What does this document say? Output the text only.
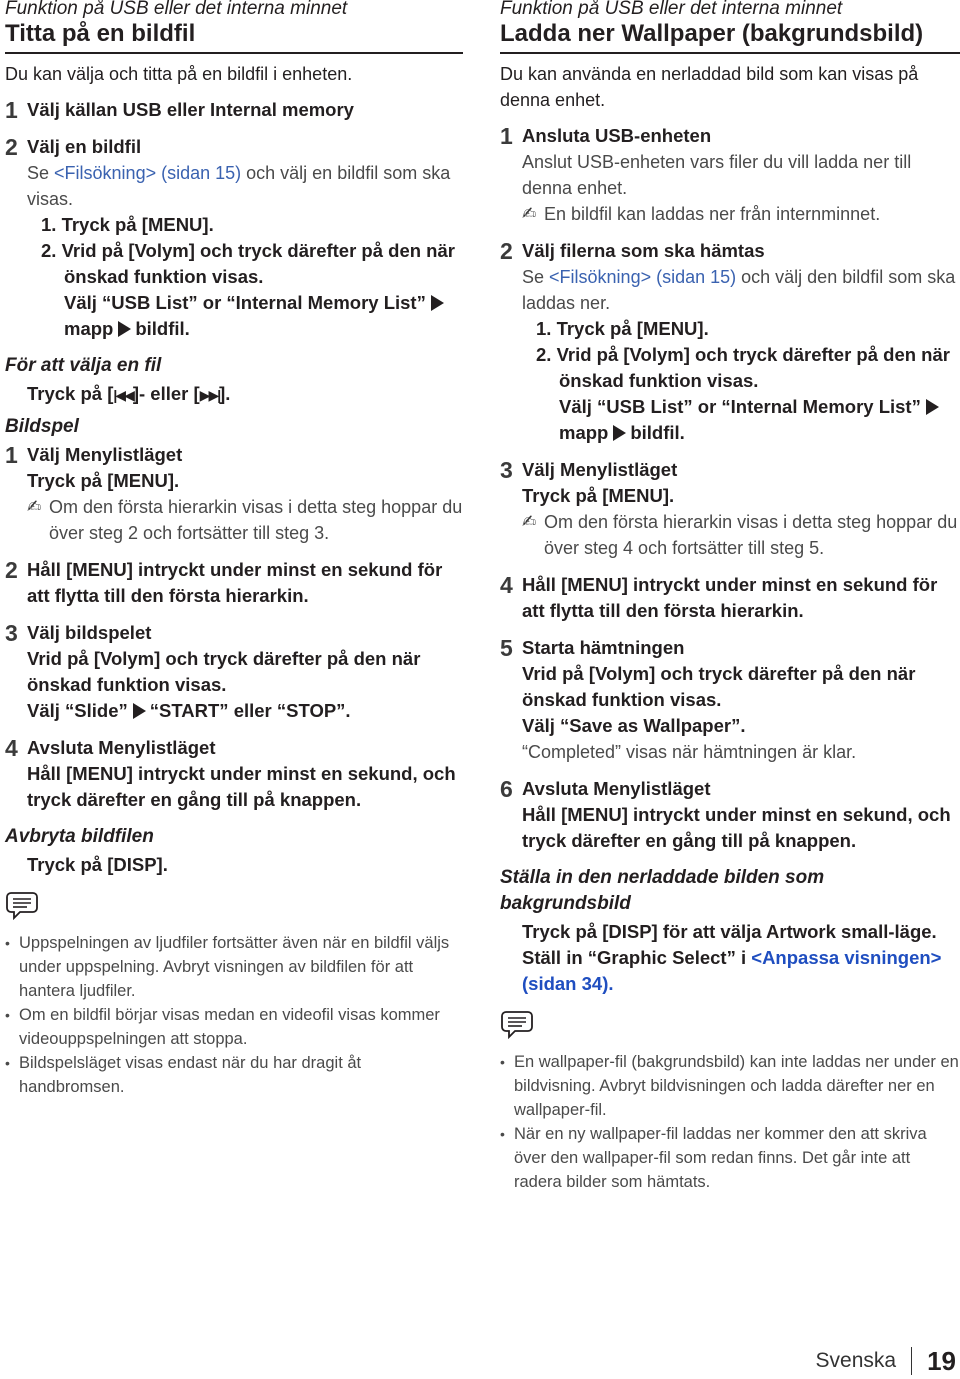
Funktion på USB eller det interna minnet
Titta på en bildfil
Du kan välja och titta på en bildfil i enheten.
1 Välj källan USB eller Internal memory
2 Välj en bildfil
Se <Filsökning> (sidan 15) och välj en bildfil som ska visas.
1. Tryck på [MENU].
2. Vrid på [Volym] och tryck därefter på den när önskad funktion visas.
Välj “USB List” or “Internal Memory List”
mapp bildfil.
För att välja en fil
Tryck på [|◀◀]- eller [▶▶|].
Bildspel
1 Välj Menylistläget
Tryck på [MENU].
✍ Om den första hierarkin visas i detta steg hoppar du över steg 2 och fortsätter till steg 3.
2 Håll [MENU] intryckt under minst en sekund för att flytta till den första hierarkin.
3 Välj bildspelet
Vrid på [Volym] och tryck därefter på den när önskad funktion visas.
Välj “Slide” “START” eller “STOP”.
4 Avsluta Menylistläget
Håll [MENU] intryckt under minst en sekund, och tryck därefter en gång till på knappen.
Avbryta bildfilen
Tryck på [DISP].
• Uppspelningen av ljudfiler fortsätter även när en bildfil väljs under uppspelning. Avbryt visningen av bildfilen för att hantera ljudfiler.
• Om en bildfil börjar visas medan en videofil visas kommer videouppspelningen att stoppa.
• Bildspelsläget visas endast när du har dragit åt handbromsen.
Funktion på USB eller det interna minnet
Ladda ner Wallpaper (bakgrundsbild)
Du kan använda en nerladdad bild som kan visas på denna enhet.
1 Ansluta USB-enheten
Anslut USB-enheten vars filer du vill ladda ner till denna enhet.
✍ En bildfil kan laddas ner från internminnet.
2 Välj filerna som ska hämtas
Se <Filsökning> (sidan 15) och välj den bildfil som ska laddas ner.
1. Tryck på [MENU].
2. Vrid på [Volym] och tryck därefter på den när önskad funktion visas.
Välj “USB List” or “Internal Memory List”
mapp bildfil.
3 Välj Menylistläget
Tryck på [MENU].
✍ Om den första hierarkin visas i detta steg hoppar du över steg 4 och fortsätter till steg 5.
4 Håll [MENU] intryckt under minst en sekund för att flytta till den första hierarkin.
5 Starta hämtningen
Vrid på [Volym] och tryck därefter på den när önskad funktion visas.
Välj “Save as Wallpaper”.
“Completed” visas när hämtningen är klar.
6 Avsluta Menylistläget
Håll [MENU] intryckt under minst en sekund, och tryck därefter en gång till på knappen.
Ställa in den nerladdade bilden som bakgrundsbild
Tryck på [DISP] för att välja Artwork small-läge.
Ställ in “Graphic Select” i <Anpassa visningen> (sidan 34).
• En wallpaper-fil (bakgrundsbild) kan inte laddas ner under en bildvisning. Avbryt bildvisningen och ladda därefter ner en wallpaper-fil.
• När en ny wallpaper-fil laddas ner kommer den att skriva över den wallpaper-fil som redan finns. Det går inte att radera bilder som hämtats.
Svenska	19
